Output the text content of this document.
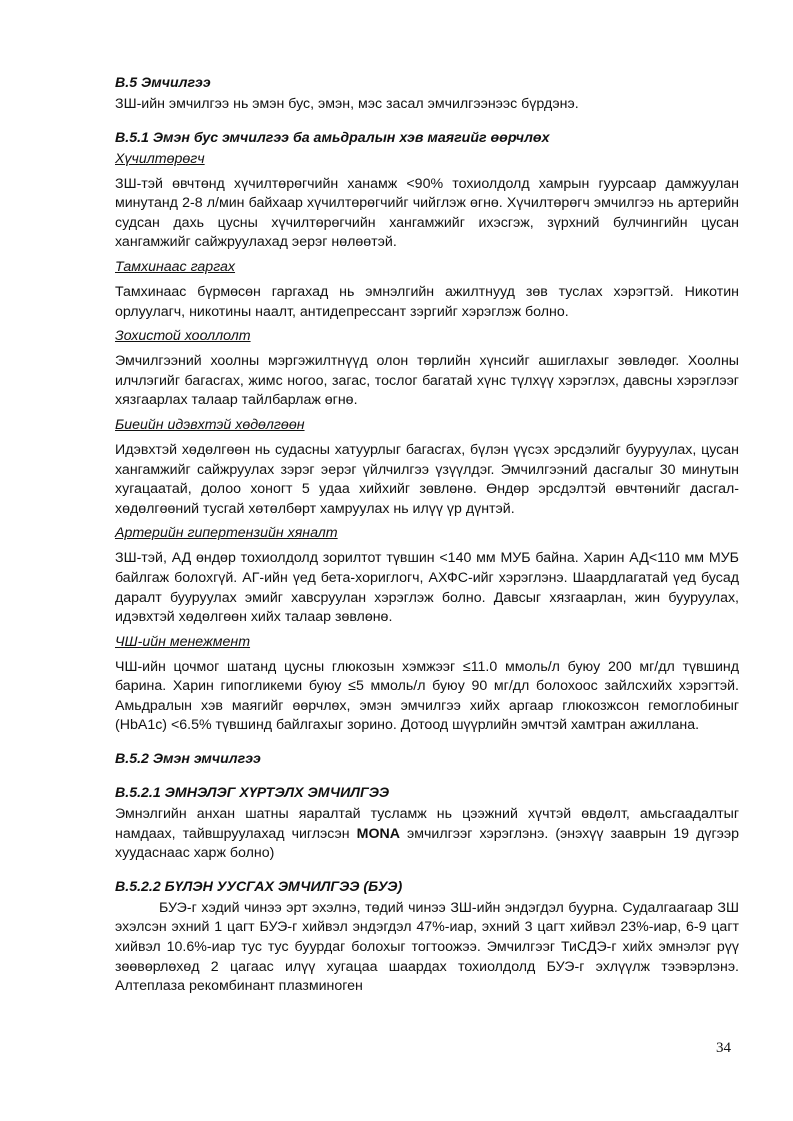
B.5 Эмчилгээ

ЗШ-ийн эмчилгээ нь эмэн бус, эмэн, мэс засал эмчилгээнээс бүрдэнэ.

B.5.1 Эмэн бус эмчилгээ ба амьдралын хэв маягийг өөрчлөх

Хүчилтөрөгч

ЗШ-тэй өвчтөнд хүчилтөрөгчийн ханамж <90% тохиолдолд хамрын гуурсаар дамжуулан минутанд 2-8 л/мин байхаар хүчилтөрөгчийг чийглэж өгнө. Хүчилтөрөгч эмчилгээ нь артерийн судсан дахь цусны хүчилтөрөгчийн хангамжийг ихэсгэж, зүрхний булчингийн цусан хангамжийг сайжруулахад эерэг нөлөөтэй.

Тамхинаас гаргах

Тамхинаас бүрмөсөн гаргахад нь эмнэлгийн ажилтнууд зөв туслах хэрэгтэй. Никотин орлуулагч, никотины наалт, антидепрессант зэргийг хэрэглэж болно.

Зохистой хооллолт

Эмчилгээний хоолны мэргэжилтнүүд олон төрлийн хүнсийг ашиглахыг зөвлөдөг. Хоолны илчлэгийг багасгах, жимс ногоо, загас, тослог багатай хүнс түлхүү хэрэглэх, давсны хэрэглээг хязгаарлах талаар тайлбарлаж өгнө.

Биеийн идэвхтэй хөдөлгөөн

Идэвхтэй хөдөлгөөн нь судасны хатуурлыг багасгах, бүлэн үүсэх эрсдэлийг бууруулах, цусан хангамжийг сайжруулах зэрэг эерэг үйлчилгээ үзүүлдэг. Эмчилгээний дасгалыг 30 минутын хугацаатай, долоо хоногт 5 удаа хийхийг зөвлөнө. Өндөр эрсдэлтэй өвчтөнийг дасгал-хөдөлгөөний тусгай хөтөлбөрт хамруулах нь илүү үр дүнтэй.

Артерийн гипертензийн хяналт

ЗШ-тэй, АД өндөр тохиолдолд зорилтот түвшин <140 мм МУБ байна. Харин АД<110 мм МУБ байлгаж болохгүй. АГ-ийн үед бета-хориглогч, АХФС-ийг хэрэглэнэ. Шаардлагатай үед бусад даралт бууруулах эмийг хавсруулан хэрэглэж болно. Давсыг хязгаарлан, жин бууруулах, идэвхтэй хөдөлгөөн хийх талаар зөвлөнө.

ЧШ-ийн менежмент

ЧШ-ийн цочмог шатанд цусны глюкозын хэмжээг ≤11.0 ммоль/л буюу 200 мг/дл түвшинд барина. Харин гипогликеми буюу ≤5 ммоль/л буюу 90 мг/дл болохоос зайлсхийх хэрэгтэй. Амьдралын хэв маягийг өөрчлөх, эмэн эмчилгээ хийх аргаар глюкозжсон гемоглобиныг (HbA1c) <6.5% түвшинд байлгахыг зорино. Дотоод шүүрлийн эмчтэй хамтран ажиллана.

B.5.2 Эмэн эмчилгээ

B.5.2.1 ЭМНЭЛЭГ ХҮРТЭЛХ ЭМЧИЛГЭЭ

Эмнэлгийн анхан шатны яаралтай тусламж нь цээжний хүчтэй өвдөлт, амьсгаадалтыг намдаах, тайвшруулахад чиглэсэн MONA эмчилгээг хэрэглэнэ. (энэхүү зааврын 19 дүгээр хуудаснаас харж болно)

B.5.2.2 БҮЛЭН УУСГАХ ЭМЧИЛГЭЭ (БУЭ)

БУЭ-г хэдий чинээ эрт эхэлнэ, төдий чинээ ЗШ-ийн эндэгдэл буурна. Судалгаагаар ЗШ эхэлсэн эхний 1 цагт БУЭ-г хийвэл эндэгдэл 47%-иар, эхний 3 цагт хийвэл 23%-иар, 6-9 цагт хийвэл 10.6%-иар тус тус буурдаг болохыг тогтоожээ. Эмчилгээг ТиСДЭ-г хийх эмнэлэг рүү зөөвөрлөхөд 2 цагаас илүү хугацаа шаардах тохиолдолд БУЭ-г эхлүүлж тээвэрлэнэ. Алтеплаза рекомбинант плазминоген

34
